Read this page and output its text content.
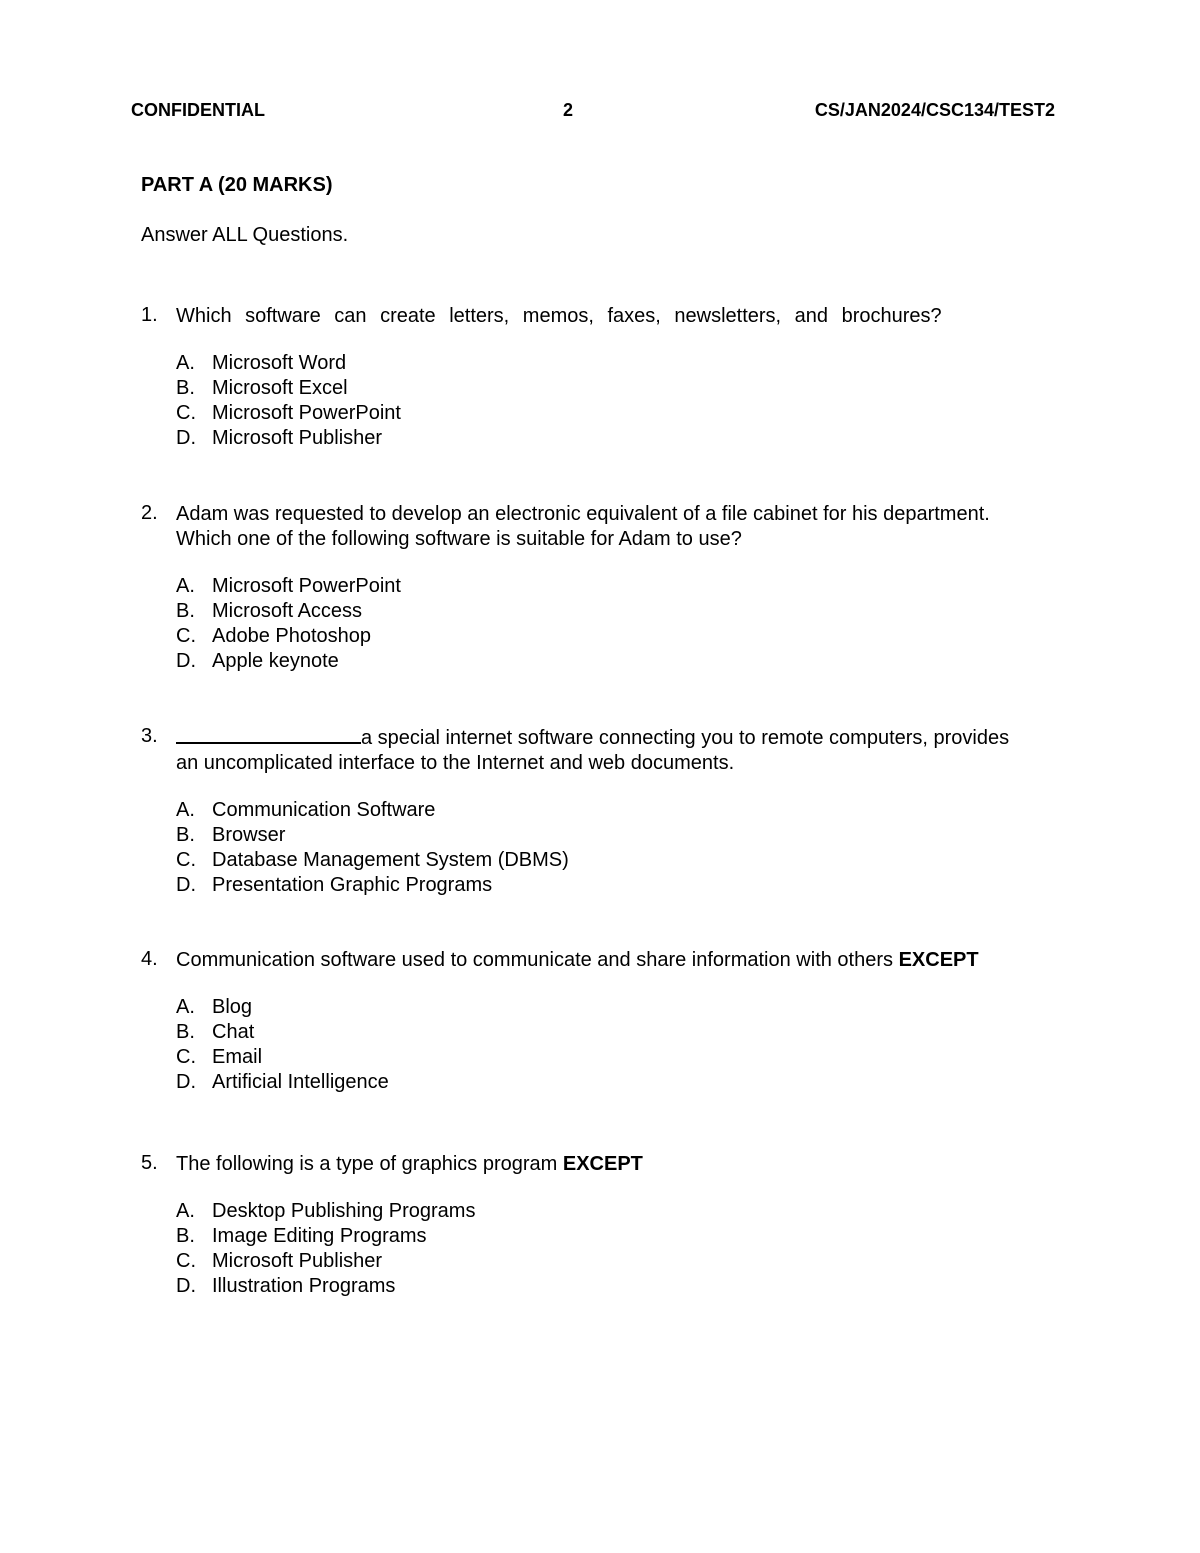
CONFIDENTIAL	2	CS/JAN2024/CSC134/TEST2
PART A (20 MARKS)

Answer ALL Questions.

1. Which software can create letters, memos, faxes, newsletters, and brochures?
A. Microsoft Word
B. Microsoft Excel
C. Microsoft PowerPoint
D. Microsoft Publisher
2. Adam was requested to develop an electronic equivalent of a file cabinet for his department.
Which one of the following software is suitable for Adam to use?
A. Microsoft PowerPoint
B. Microsoft Access
C. Adobe Photoshop
D. Apple keynote
3.	a special internet software connecting you to remote computers, provides
an uncomplicated interface to the Internet and web documents.
A. Communication Software
B. Browser
C. Database Management System (DBMS)
D. Presentation Graphic Programs
4. Communication software used to communicate and share information with others EXCEPT
A. Blog
B. Chat
C. Email
D. Artificial Intelligence
5. The following is a type of graphics program EXCEPT
A. Desktop Publishing Programs
B. Image Editing Programs
C. Microsoft Publisher
D. Illustration Programs
